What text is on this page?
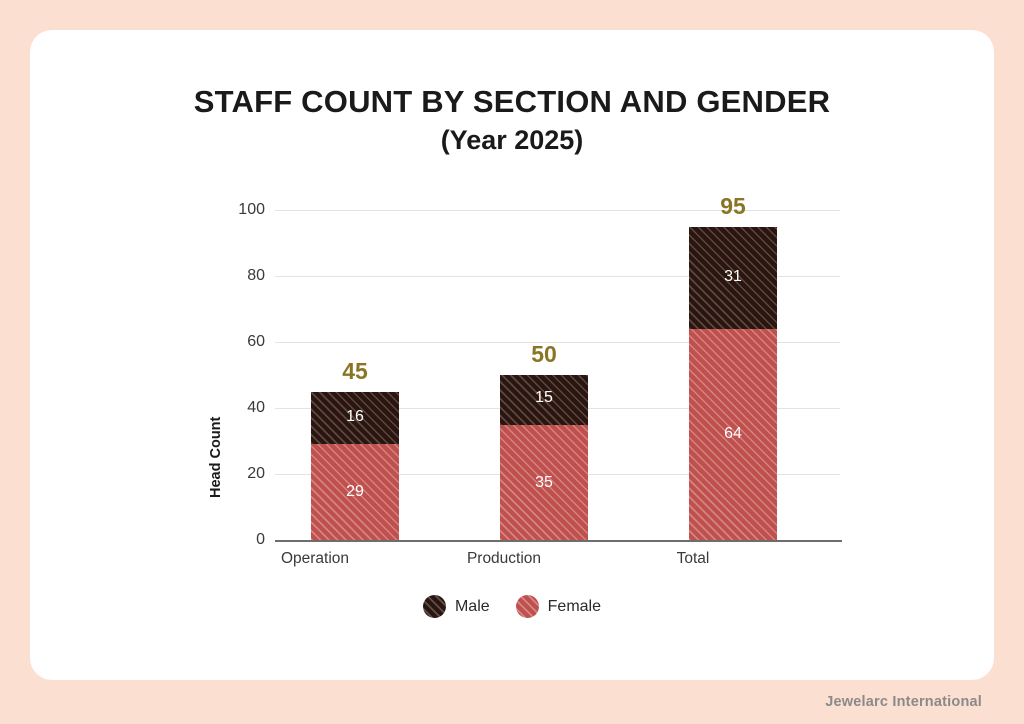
STAFF COUNT BY SECTION AND GENDER
(Year 2025)
Head Count
0
20
40
60
80
100
45
16
29
50
15
35
95
31
64
Operation	Production	Total
Male	Female
Jewelarc International
